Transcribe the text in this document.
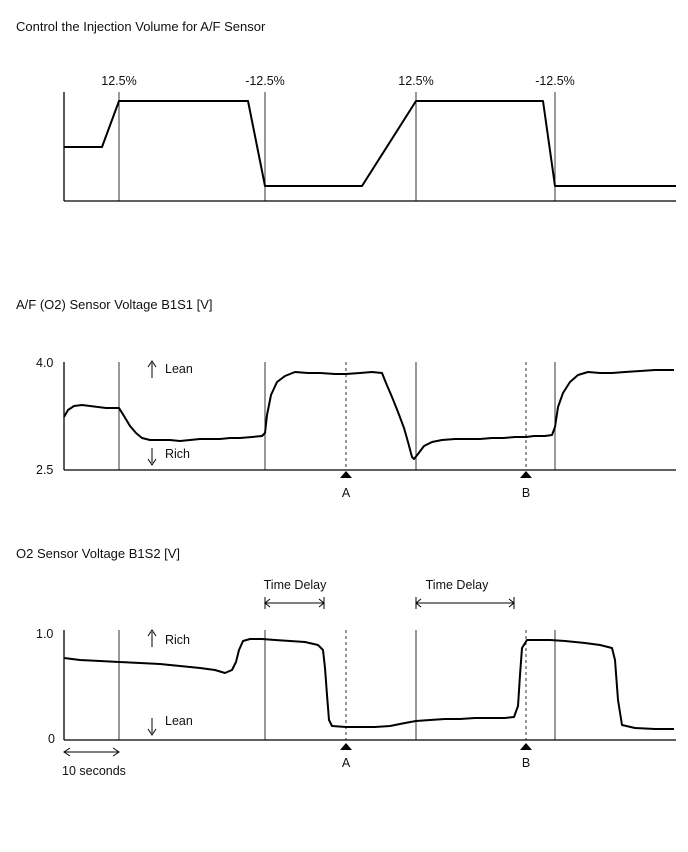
Control the Injection Volume for A/F Sensor
12.5%	-12.5%	12.5%	-12.5%
A/F (O2) Sensor Voltage B1S1 [V]
4.0
2.5
Lean
Rich
A	B
O2 Sensor Voltage B1S2 [V]
Time Delay	Time Delay
1.0
0
Rich
Lean
A	B
10 seconds
